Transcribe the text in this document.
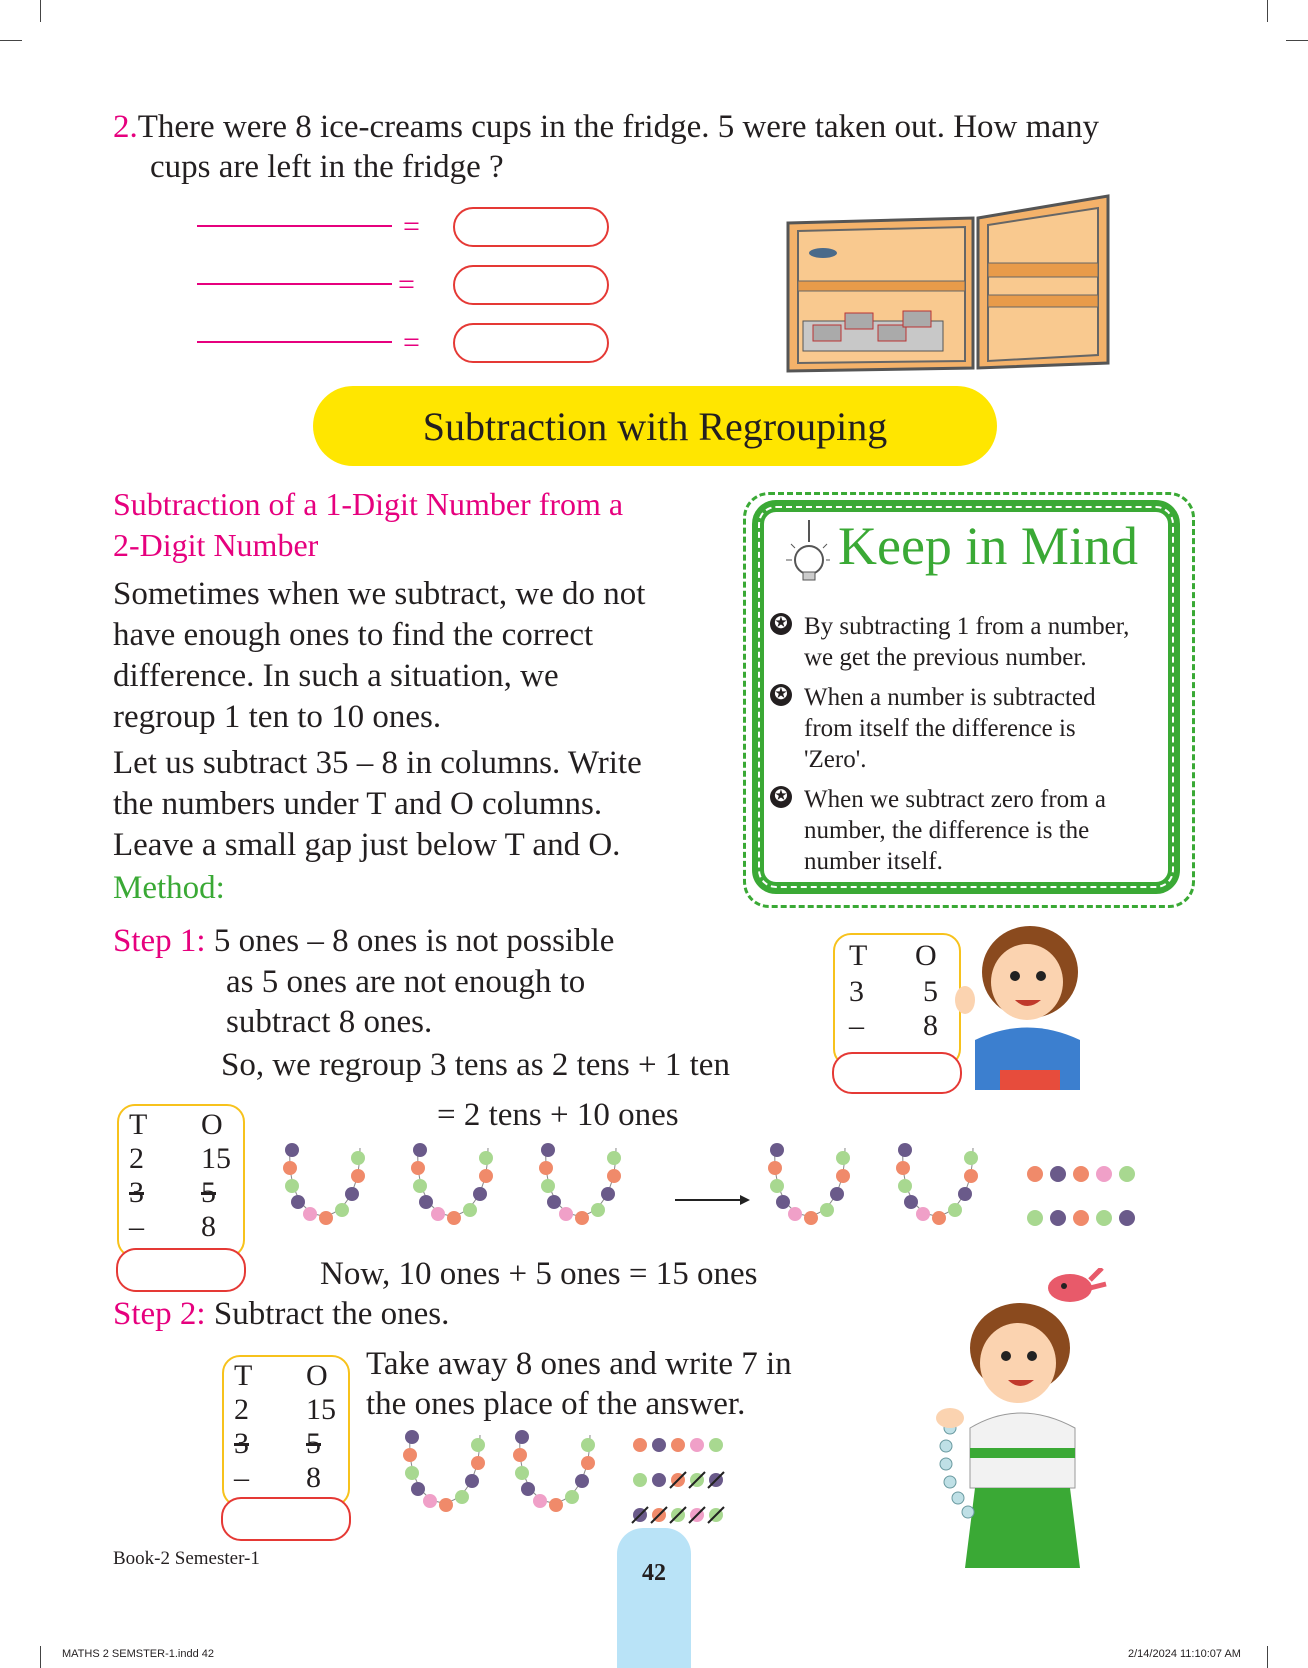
2.There were 8 ice-creams cups in the fridge. 5 were taken out. How many
cups are left in the fridge ?
=
=
=
Subtraction with Regrouping
Subtraction of a 1-Digit Number from a
2-Digit Number
Sometimes when we subtract, we do not
have enough ones to find the correct
difference. In such a situation, we
regroup 1 ten to 10 ones.
Let us subtract 35 – 8 in columns. Write
the numbers under T and O columns.
Leave a small gap just below T and O.
Method:
Keep in Mind
✪ By subtracting 1 from a number,
we get the previous number.
✪ When a number is subtracted
from itself the difference is
'Zero'.
✪ When we subtract zero from a
number, the difference is the
number itself.
Step 1: 5 ones – 8 ones is not possible
as 5 ones are not enough to
subtract 8 ones.
So, we regroup 3 tens as 2 tens + 1 ten
= 2 tens + 10 ones
T O
3 5
– 8
T O
2 15
3 5
– 8
Now, 10 ones + 5 ones = 15 ones
Step 2: Subtract the ones.
T O
2 15
3 5
– 8
Take away 8 ones and write 7 in
the ones place of the answer.
Book-2 Semester-1
42
MATHS 2 SEMSTER-1.indd 42	2/14/2024 11:10:07 AM
